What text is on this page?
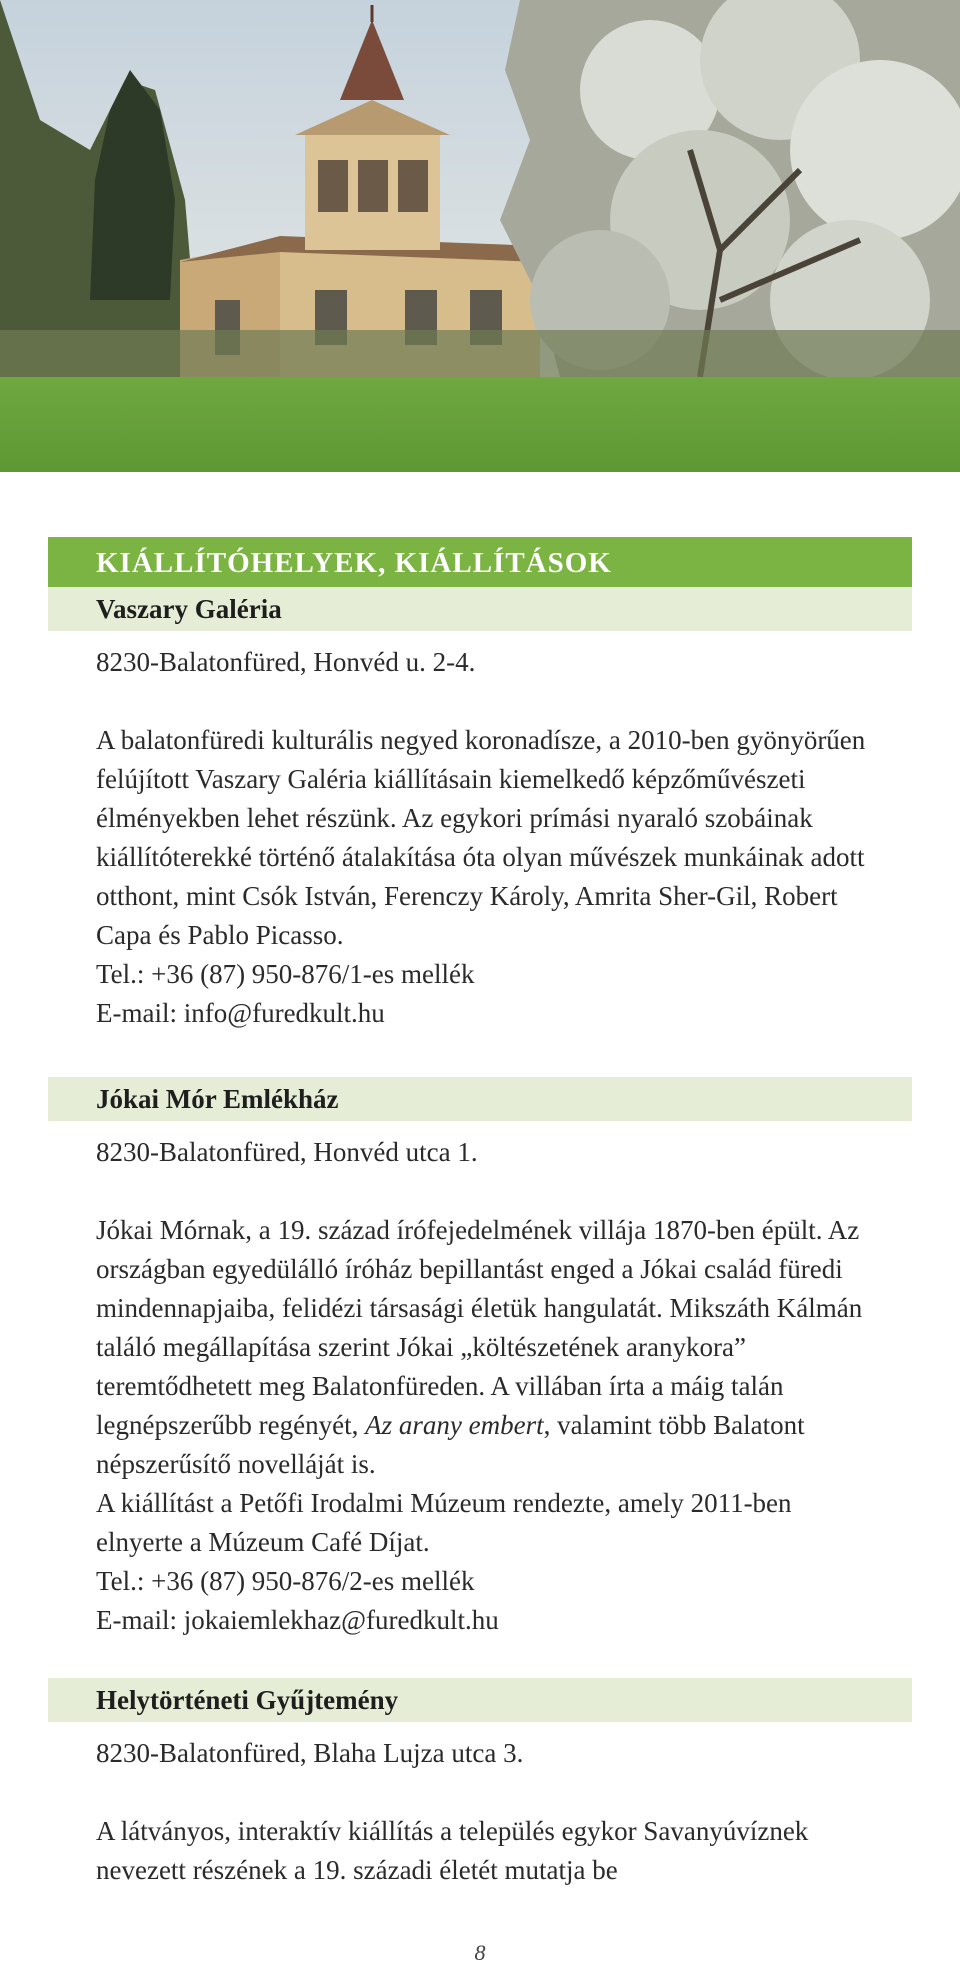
KIÁLLÍTÓHELYEK, KIÁLLÍTÁSOK
Vaszary Galéria
8230-Balatonfüred, Honvéd u. 2-4.

A balatonfüredi kulturális negyed koronadísze, a 2010-ben gyönyörűen felújított Vaszary Galéria kiállításain kiemelkedő képzőművészeti élményekben lehet részünk. Az egykori prímási nyaraló szobáinak kiállítóterekké történő átalakítása óta olyan művészek munkáinak adott otthont, mint Csók István, Ferenczy Károly, Amrita Sher-Gil, Robert Capa és Pablo Picasso.

Tel.: +36 (87) 950-876/1-es mellék

E-mail: info@furedkult.hu

Jókai Mór Emlékház
8230-Balatonfüred, Honvéd utca 1.

Jókai Mórnak, a 19. század írófejedelmének villája 1870-ben épült. Az országban egyedülálló íróház bepillantást enged a Jókai család füredi mindennapjaiba, felidézi társasági életük hangulatát. Mikszáth Kálmán találó megállapítása szerint Jókai „költészetének aranykora” teremtődhetett meg Balatonfüreden. A villában írta a máig talán legnépszerűbb regényét, Az arany embert, valamint több Balatont népszerűsítő novelláját is.

A kiállítást a Petőfi Irodalmi Múzeum rendezte, amely 2011-ben elnyerte a Múzeum Café Díjat.

Tel.: +36 (87) 950-876/2-es mellék

E-mail: jokaiemlekhaz@furedkult.hu

Helytörténeti Gyűjtemény
8230-Balatonfüred, Blaha Lujza utca 3.

A látványos, interaktív kiállítás a település egykor Savanyúvíznek nevezett részének a 19. századi életét mutatja be

8
